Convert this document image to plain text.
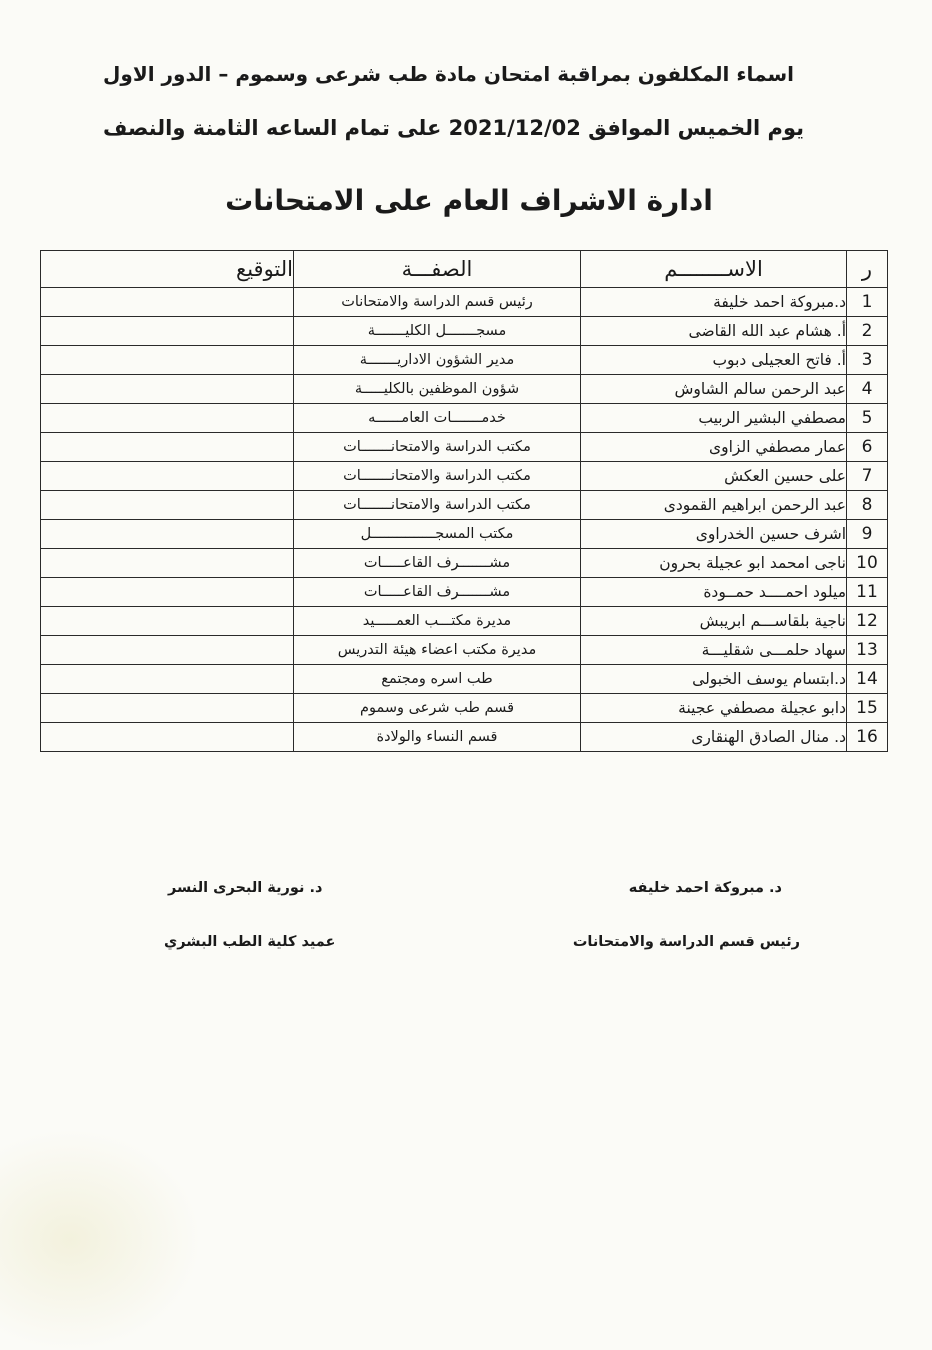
اسماء المكلفون بمراقبة امتحان مادة طب شرعى وسموم – الدور الاول
يوم الخميس الموافق 2021/12/02 على تمام الساعه الثامنة والنصف
ادارة الاشراف العام على الامتحانات
ر	الاســــــــم	الصفـــة	التوقيع
1	د.مبروكة احمد خليفة	رئيس قسم الدراسة والامتحانات	
2	أ. هشام عبد الله القاضى	مسجـــــــل الكليـــــــة	
3	أ. فاتح العجيلى دبوب	مدير الشؤون الاداريـــــــة	
4	عبد الرحمن سالم الشاوش	شؤون الموظفين بالكليـــــة	
5	مصطفي البشير الربيب	خدمـــــــات العامــــــه	
6	عمار مصطفي الزاوى	مكتب الدراسة والامتحانـــــــات	
7	على حسين العكش	مكتب الدراسة والامتحانـــــــات	
8	عبد الرحمن ابراهيم القمودى	مكتب الدراسة والامتحانـــــــات	
9	اشرف حسين الخدراوى	مكتب المسجـــــــــــــــل	
10	ناجى امحمد ابو عجيلة بحرون	مشـــــــرف القاعـــــات	
11	ميلود احمــــد حمــودة	مشـــــــرف القاعـــــات	
12	ناجية بلقاســـم ابريبش	مديرة مكتـــب العمـــــيد	
13	سهاد حلمـــى شقليـــة	مديرة مكتب اعضاء هيئة التدريس	
14	د.ابتسام يوسف الخبولى	طب اسره ومجتمع	
15	دابو عجيلة مصطفي عجينة	قسم طب شرعى وسموم	
16	د. منال الصادق الهنقارى	قسم النساء والولادة	
د. مبروكة احمد خليفه
رئيس قسم الدراسة والامتحانات
د. نورية البحرى النسر
عميد كلية الطب البشري
